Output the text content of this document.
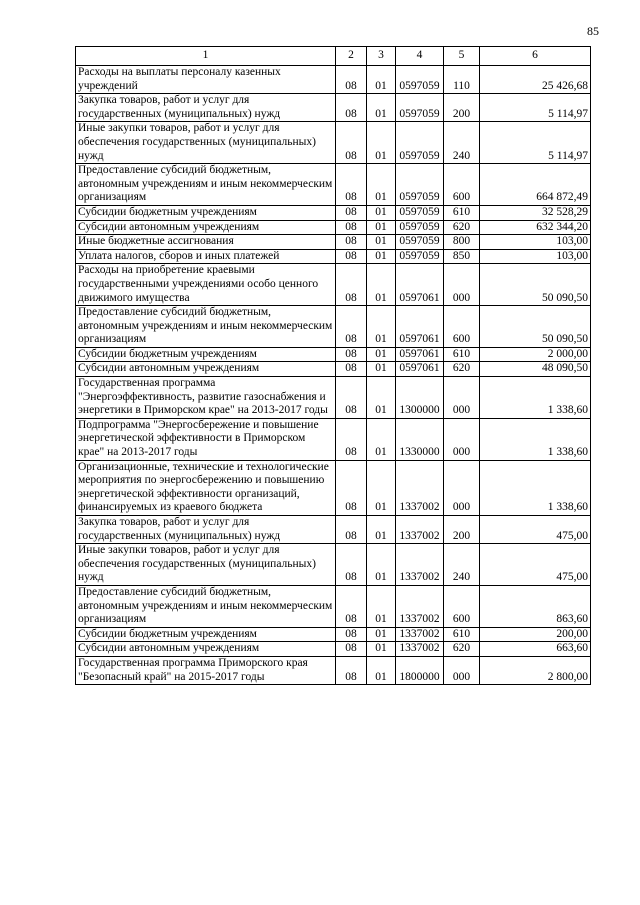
85
1	2	3	4	5	6
Расходы на выплаты персоналу казенных учреждений	08	01	0597059	110	25 426,68
Закупка товаров, работ и услуг для государственных (муниципальных) нужд	08	01	0597059	200	5 114,97
Иные закупки товаров, работ и услуг для обеспечения государственных (муниципальных) нужд	08	01	0597059	240	5 114,97
Предоставление субсидий бюджетным, автономным учреждениям и иным некоммерческим организациям	08	01	0597059	600	664 872,49
Субсидии бюджетным учреждениям	08	01	0597059	610	32 528,29
Субсидии автономным учреждениям	08	01	0597059	620	632 344,20
Иные бюджетные ассигнования	08	01	0597059	800	103,00
Уплата налогов, сборов и иных платежей	08	01	0597059	850	103,00
Расходы на приобретение краевыми государственными учреждениями особо ценного движимого имущества	08	01	0597061	000	50 090,50
Предоставление субсидий бюджетным, автономным учреждениям и иным некоммерческим организациям	08	01	0597061	600	50 090,50
Субсидии бюджетным учреждениям	08	01	0597061	610	2 000,00
Субсидии автономным учреждениям	08	01	0597061	620	48 090,50
Государственная программа "Энергоэффективность, развитие газоснабжения и энергетики в Приморском крае" на 2013-2017 годы	08	01	1300000	000	1 338,60
Подпрограмма "Энергосбережение и повышение энергетической эффективности в Приморском крае" на 2013-2017 годы	08	01	1330000	000	1 338,60
Организационные, технические и технологические мероприятия по энергосбережению и повышению энергетической эффективности организаций, финансируемых из краевого бюджета	08	01	1337002	000	1 338,60
Закупка товаров, работ и услуг для государственных (муниципальных) нужд	08	01	1337002	200	475,00
Иные закупки товаров, работ и услуг для обеспечения государственных (муниципальных) нужд	08	01	1337002	240	475,00
Предоставление субсидий бюджетным, автономным учреждениям и иным некоммерческим организациям	08	01	1337002	600	863,60
Субсидии бюджетным учреждениям	08	01	1337002	610	200,00
Субсидии автономным учреждениям	08	01	1337002	620	663,60
Государственная программа Приморского края "Безопасный край" на 2015-2017 годы	08	01	1800000	000	2 800,00
